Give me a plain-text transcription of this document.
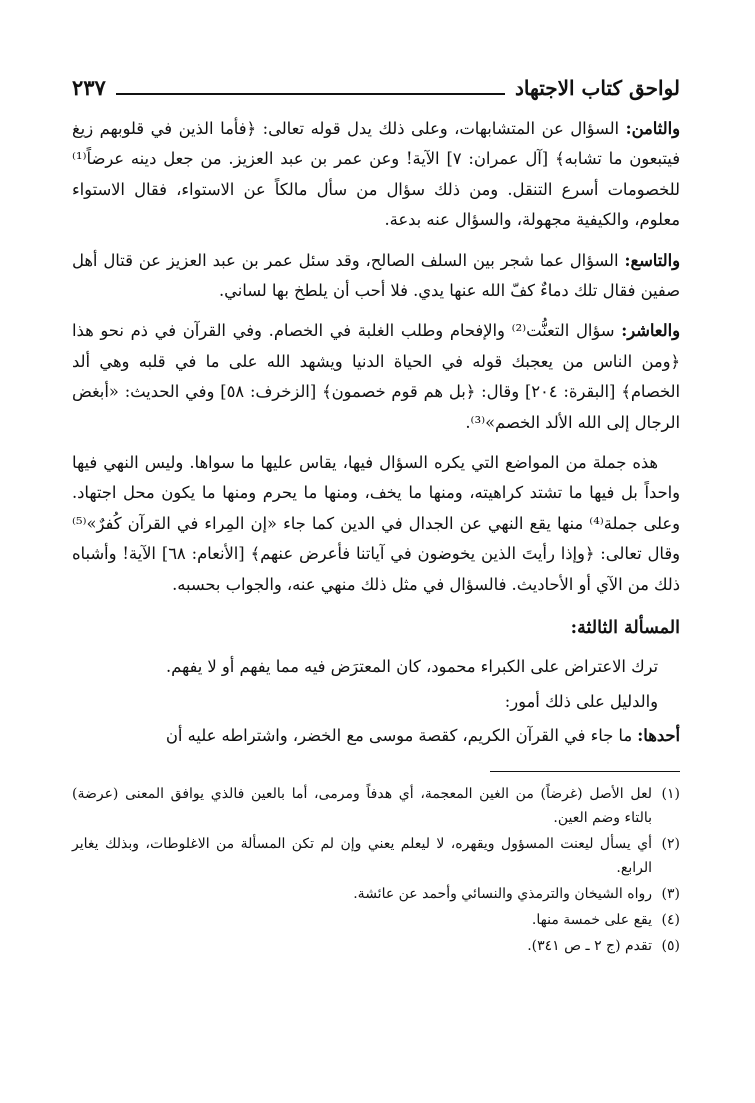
لواحق كتاب الاجتهاد
٢٣٧

والثامن: السؤال عن المتشابهات، وعلى ذلك يدل قوله تعالى: ﴿فأما الذين في قلوبهم زيغ فيتبعون ما تشابه﴾ [آل عمران: ٧] الآية! وعن عمر بن عبد العزيز. من جعل دينه عرضاً⁽¹⁾ للخصومات أسرع التنقل. ومن ذلك سؤال من سأل مالكاً عن الاستواء، فقال الاستواء معلوم، والكيفية مجهولة، والسؤال عنه بدعة.

والتاسع: السؤال عما شجر بين السلف الصالح، وقد سئل عمر بن عبد العزيز عن قتال أهل صفين فقال تلك دماءٌ كفّ الله عنها يدي. فلا أحب أن يلطخ بها لساني.

والعاشر: سؤال التعنُّت⁽²⁾ والإفحام وطلب الغلبة في الخصام. وفي القرآن في ذم نحو هذا ﴿ومن الناس من يعجبك قوله في الحياة الدنيا ويشهد الله على ما في قلبه وهي ألد الخصام﴾ [البقرة: ٢٠٤] وقال: ﴿بل هم قوم خصمون﴾ [الزخرف: ٥٨] وفي الحديث: «أبغض الرجال إلى الله الألد الخصم»⁽³⁾.

هذه جملة من المواضع التي يكره السؤال فيها، يقاس عليها ما سواها. وليس النهي فيها واحداً بل فيها ما تشتد كراهيته، ومنها ما يخف، ومنها ما يحرم ومنها ما يكون محل اجتهاد. وعلى جملة⁽⁴⁾ منها يقع النهي عن الجدال في الدين كما جاء «إن المِراء في القرآن كُفرٌ»⁽⁵⁾ وقال تعالى: ﴿وإذا رأيتَ الذين يخوضون في آياتنا فأعرض عنهم﴾ [الأنعام: ٦٨] الآية! وأشباه ذلك من الآي أو الأحاديث. فالسؤال في مثل ذلك منهي عنه، والجواب بحسبه.

المسألة الثالثة:

ترك الاعتراض على الكبراء محمود، كان المعترَض فيه مما يفهم أو لا يفهم.

والدليل على ذلك أمور:

أحدها: ما جاء في القرآن الكريم، كقصة موسى مع الخضر، واشتراطه عليه أن

(١)
لعل الأصل (غرضاً) من الغين المعجمة، أي هدفاً ومرمى، أما بالعين فالذي يوافق المعنى (عرضة) بالتاء وضم العين.
(٢)
أي يسأل ليعنت المسؤول ويقهره، لا ليعلم يعني وإن لم تكن المسألة من الاغلوطات، وبذلك يغاير الرابع.
(٣)
رواه الشيخان والترمذي والنسائي وأحمد عن عائشة.
(٤)
يقع على خمسة منها.
(٥)
تقدم (ج ٢ ـ ص ٣٤١).
